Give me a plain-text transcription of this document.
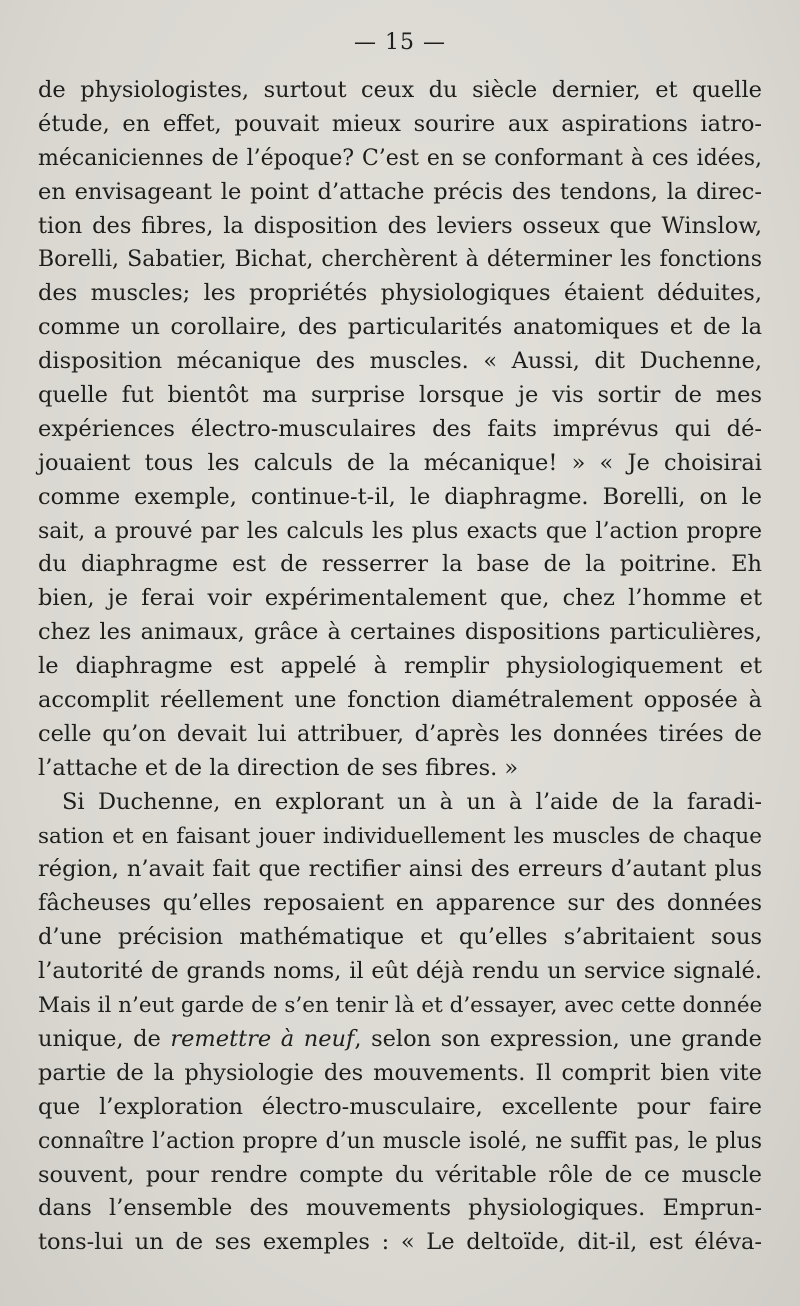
— 15 —
de physiologistes, surtout ceux du siècle dernier, et quelle
étude, en effet, pouvait mieux sourire aux aspirations iatro-
mécaniciennes de l’époque? C’est en se conformant à ces idées,
en envisageant le point d’attache précis des tendons, la direc-
tion des fibres, la disposition des leviers osseux que Winslow,
Borelli, Sabatier, Bichat, cherchèrent à déterminer les fonctions
des muscles; les propriétés physiologiques étaient déduites,
comme un corollaire, des particularités anatomiques et de la
disposition mécanique des muscles. « Aussi, dit Duchenne,
quelle fut bientôt ma surprise lorsque je vis sortir de mes
expériences électro-musculaires des faits imprévus qui dé-
jouaient tous les calculs de la mécanique! » « Je choisirai
comme exemple, continue-t-il, le diaphragme. Borelli, on le
sait, a prouvé par les calculs les plus exacts que l’action propre
du diaphragme est de resserrer la base de la poitrine. Eh
bien, je ferai voir expérimentalement que, chez l’homme et
chez les animaux, grâce à certaines dispositions particulières,
le diaphragme est appelé à remplir physiologiquement et
accomplit réellement une fonction diamétralement opposée à
celle qu’on devait lui attribuer, d’après les données tirées de
l’attache et de la direction de ses fibres. »
Si Duchenne, en explorant un à un à l’aide de la faradi-
sation et en faisant jouer individuellement les muscles de chaque
région, n’avait fait que rectifier ainsi des erreurs d’autant plus
fâcheuses qu’elles reposaient en apparence sur des données
d’une précision mathématique et qu’elles s’abritaient sous
l’autorité de grands noms, il eût déjà rendu un service signalé.
Mais il n’eut garde de s’en tenir là et d’essayer, avec cette donnée
unique, de remettre à neuf, selon son expression, une grande
partie de la physiologie des mouvements. Il comprit bien vite
que l’exploration électro-musculaire, excellente pour faire
connaître l’action propre d’un muscle isolé, ne suffit pas, le plus
souvent, pour rendre compte du véritable rôle de ce muscle
dans l’ensemble des mouvements physiologiques. Emprun-
tons-lui un de ses exemples : « Le deltoïde, dit-il, est éléva-
